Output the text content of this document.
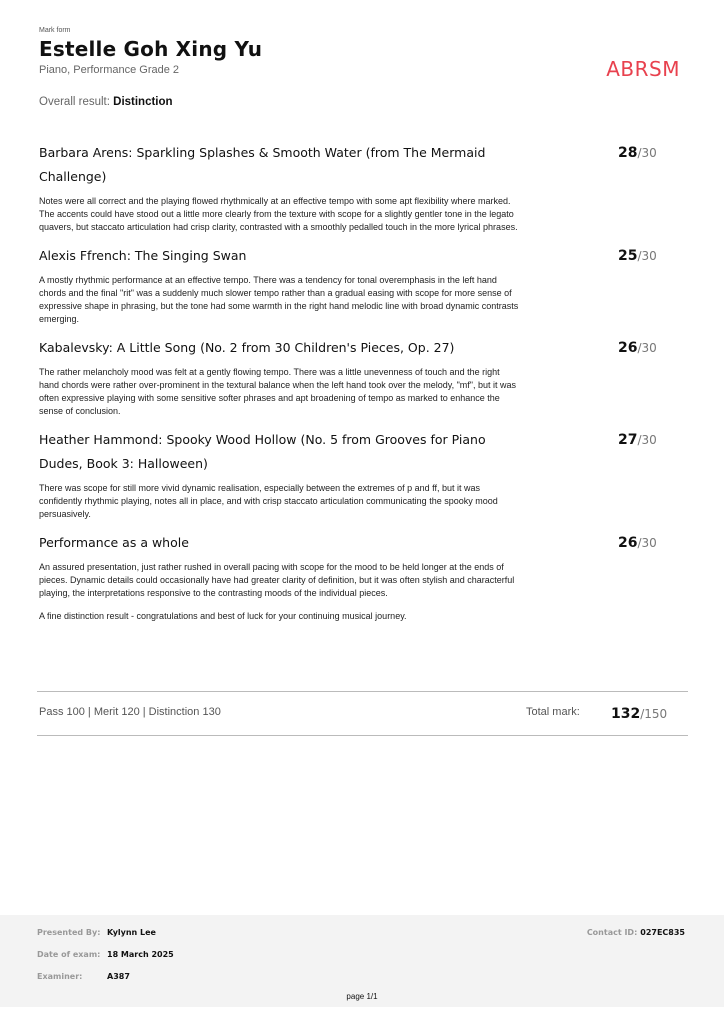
Mark form
Estelle Goh Xing Yu
Piano, Performance Grade 2	ABRSM
Overall result: Distinction
Barbara Arens: Sparkling Splashes & Smooth Water (from The Mermaid Challenge)
28/30
Notes were all correct and the playing flowed rhythmically at an effective tempo with some apt flexibility where marked. The accents could have stood out a little more clearly from the texture with scope for a slightly gentler tone in the legato quavers, but staccato articulation had crisp clarity, contrasted with a smoothly pedalled touch in the more lyrical phrases.
Alexis Ffrench: The Singing Swan	25/30
A mostly rhythmic performance at an effective tempo. There was a tendency for tonal overemphasis in the left hand chords and the final "rit" was a suddenly much slower tempo rather than a gradual easing with scope for more sense of expressive shape in phrasing, but the tone had some warmth in the right hand melodic line with broad dynamic contrasts emerging.
Kabalevsky: A Little Song (No. 2 from 30 Children's Pieces, Op. 27)	26/30
The rather melancholy mood was felt at a gently flowing tempo. There was a little unevenness of touch and the right hand chords were rather over-prominent in the textural balance when the left hand took over the melody, "mf", but it was often expressive playing with some sensitive softer phrases and apt broadening of tempo as marked to enhance the sense of conclusion.
Heather Hammond: Spooky Wood Hollow (No. 5 from Grooves for Piano Dudes, Book 3: Halloween)
27/30
There was scope for still more vivid dynamic realisation, especially between the extremes of p and ff, but it was confidently rhythmic playing, notes all in place, and with crisp staccato articulation communicating the spooky mood persuasively.
Performance as a whole	26/30
An assured presentation, just rather rushed in overall pacing with scope for the mood to be held longer at the ends of pieces. Dynamic details could occasionally have had greater clarity of definition, but it was often stylish and characterful playing, the interpretations responsive to the contrasting moods of the individual pieces.
A fine distinction result - congratulations and best of luck for your continuing musical journey.
Pass 100 | Merit 120 | Distinction 130	Total mark: 132/150
Presented By: Kylynn Lee
Date of exam: 18 March 2025
Examiner:	A387
Contact ID: 027EC835
page 1/1
